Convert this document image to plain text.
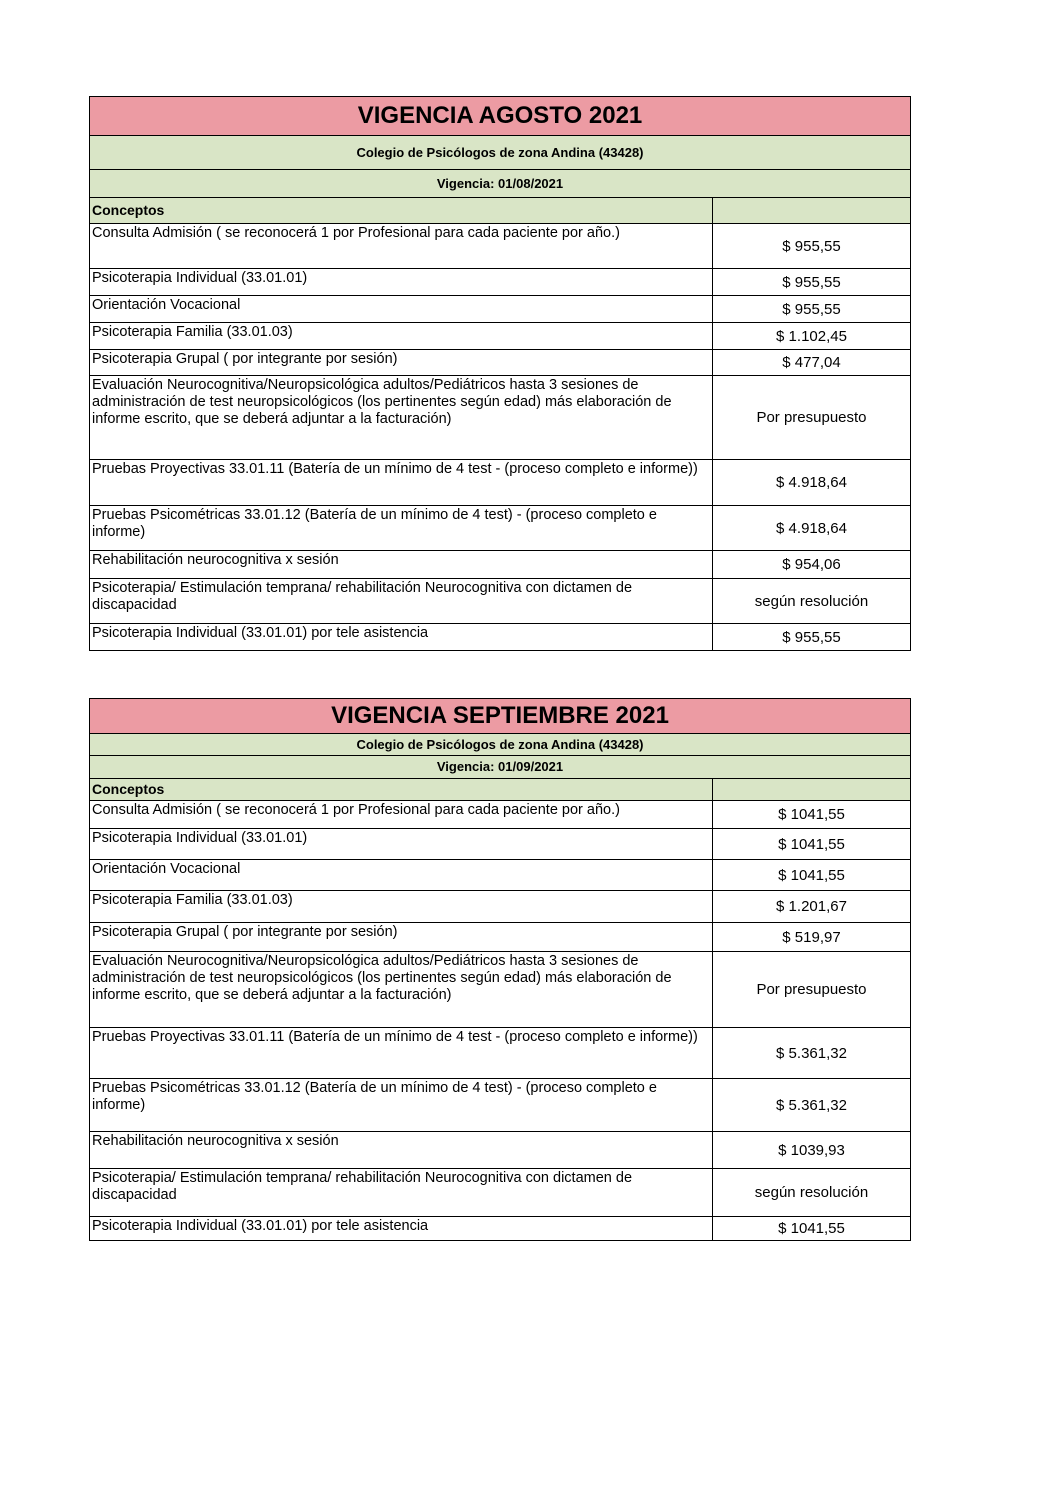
VIGENCIA AGOSTO 2021	
Colegio de Psicólogos de zona Andina (43428)	
Vigencia: 01/08/2021	
Conceptos	
Consulta Admisión ( se reconocerá 1 por Profesional para cada paciente por año.)	$ 955,55
Psicoterapia Individual (33.01.01)	$ 955,55
Orientación Vocacional	$ 955,55
Psicoterapia Familia (33.01.03)	$ 1.102,45
Psicoterapia Grupal ( por integrante por sesión)	$ 477,04
Evaluación Neurocognitiva/Neuropsicológica adultos/Pediátricos hasta 3 sesiones de administración de test neuropsicológicos (los pertinentes según edad) más elaboración de informe escrito, que se deberá adjuntar a la facturación)	Por presupuesto
Pruebas Proyectivas 33.01.11 (Batería de un mínimo de 4 test - (proceso completo e informe))	$ 4.918,64
Pruebas Psicométricas 33.01.12 (Batería de un mínimo de 4 test) - (proceso completo e informe)	$ 4.918,64
Rehabilitación neurocognitiva x sesión	$ 954,06
Psicoterapia/ Estimulación temprana/ rehabilitación Neurocognitiva con dictamen de discapacidad	según resolución
Psicoterapia Individual (33.01.01) por tele asistencia	$ 955,55
VIGENCIA SEPTIEMBRE 2021	
Colegio de Psicólogos de zona Andina (43428)	
Vigencia: 01/09/2021	
Conceptos	
Consulta Admisión ( se reconocerá 1 por Profesional para cada paciente por año.)	$ 1041,55
Psicoterapia Individual (33.01.01)	$ 1041,55
Orientación Vocacional	$ 1041,55
Psicoterapia Familia (33.01.03)	$ 1.201,67
Psicoterapia Grupal ( por integrante por sesión)	$ 519,97
Evaluación Neurocognitiva/Neuropsicológica adultos/Pediátricos hasta 3 sesiones de administración de test neuropsicológicos (los pertinentes según edad) más elaboración de informe escrito, que se deberá adjuntar a la facturación)	Por presupuesto
Pruebas Proyectivas 33.01.11 (Batería de un mínimo de 4 test - (proceso completo e informe))	$ 5.361,32
Pruebas Psicométricas 33.01.12 (Batería de un mínimo de 4 test) - (proceso completo e informe)	$ 5.361,32
Rehabilitación neurocognitiva x sesión	$ 1039,93
Psicoterapia/ Estimulación temprana/ rehabilitación Neurocognitiva con dictamen de discapacidad	según resolución
Psicoterapia Individual (33.01.01) por tele asistencia	$ 1041,55
